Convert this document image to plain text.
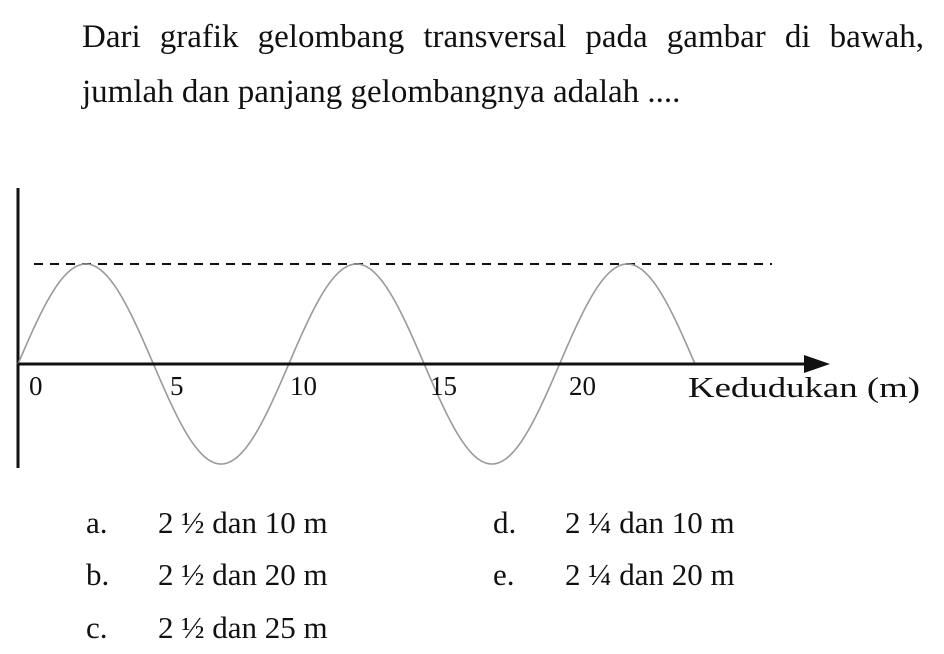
Dari grafik gelombang transversal pada gambar di bawah, jumlah dan panjang gelombangnya adalah ....

0	5	10	15	20	Kedudukan (m)
a. 2 ½ dan 10 m
b. 2 ½ dan 20 m
c. 2 ½ dan 25 m
d. 2 ¼ dan 10 m
e. 2 ¼ dan 20 m
